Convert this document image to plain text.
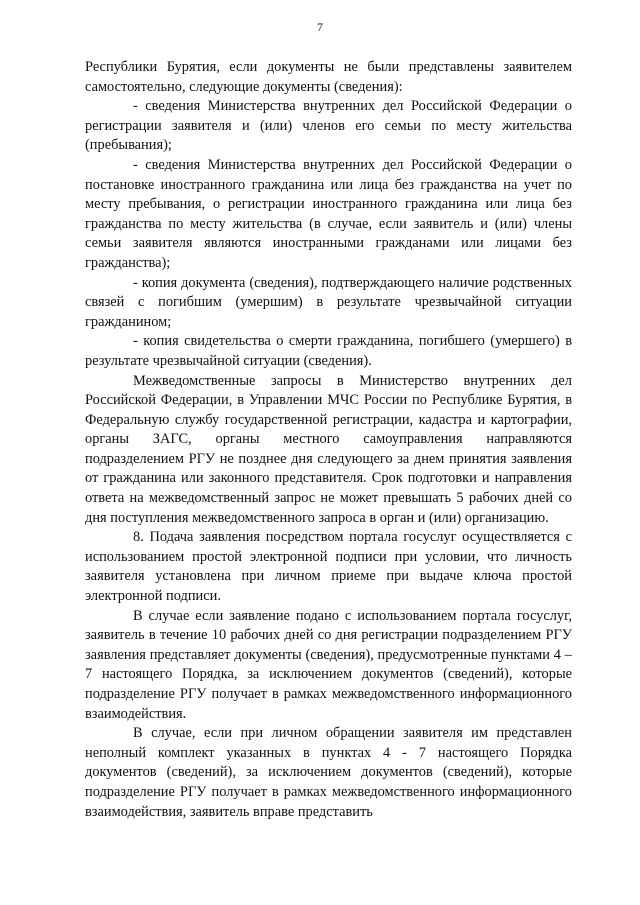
7

Республики Бурятия, если документы не были представлены заявителем самостоятельно, следующие документы (сведения):

- сведения Министерства внутренних дел Российской Федерации о регистрации заявителя и (или) членов его семьи по месту жительства (пребывания);

- сведения Министерства внутренних дел Российской Федерации о постановке иностранного гражданина или лица без гражданства на учет по месту пребывания, о регистрации иностранного гражданина или лица без гражданства по месту жительства (в случае, если заявитель и (или) члены семьи заявителя являются иностранными гражданами или лицами без гражданства);

- копия документа (сведения), подтверждающего наличие родственных связей с погибшим (умершим) в результате чрезвычайной ситуации гражданином;

- копия свидетельства о смерти гражданина, погибшего (умершего) в результате чрезвычайной ситуации (сведения).

Межведомственные запросы в Министерство внутренних дел Российской Федерации, в Управлении МЧС России по Республике Бурятия, в Федеральную службу государственной регистрации, кадастра и картографии, органы ЗАГС, органы местного самоуправления направляются подразделением РГУ не позднее дня следующего за днем принятия заявления от гражданина или законного представителя. Срок подготовки и направления ответа на межведомственный запрос не может превышать 5 рабочих дней со дня поступления межведомственного запроса в орган и (или) организацию.

8. Подача заявления посредством портала госуслуг осуществляется с использованием простой электронной подписи при условии, что личность заявителя установлена при личном приеме при выдаче ключа простой электронной подписи.

В случае если заявление подано с использованием портала госуслуг, заявитель в течение 10 рабочих дней со дня регистрации подразделением РГУ заявления представляет документы (сведения), предусмотренные пунктами 4 – 7 настоящего Порядка, за исключением документов (сведений), которые подразделение РГУ получает в рамках межведомственного информационного взаимодействия.

В случае, если при личном обращении заявителя им представлен неполный комплект указанных в пунктах 4 - 7 настоящего Порядка документов (сведений), за исключением документов (сведений), которые подразделение РГУ получает в рамках межведомственного информационного взаимодействия, заявитель вправе представить
